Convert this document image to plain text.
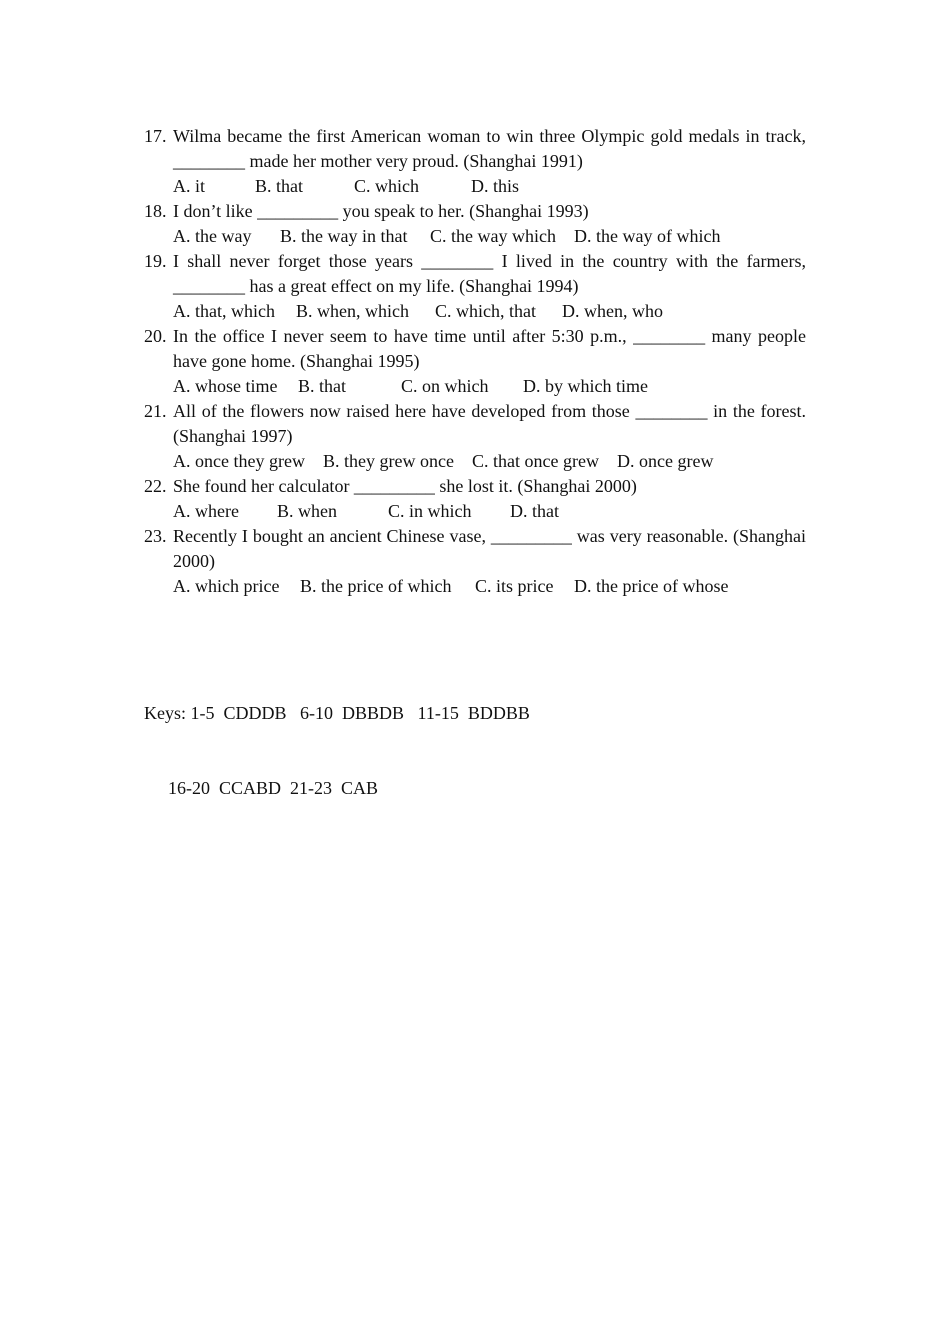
17. Wilma became the first American woman to win three Olympic gold medals in track, ________ made her mother very proud. (Shanghai 1991)
A. it	B. that	C. which	D. this
18. I don’t like _________ you speak to her. (Shanghai 1993)
A. the way B. the way in that C. the way which D. the way of which
19. I shall never forget those years ________ I lived in the country with the farmers, ________ has a great effect on my life. (Shanghai 1994)
A. that, which B. when, which C. which, that D. when, who
20. In the office I never seem to have time until after 5:30 p.m., ________ many people have gone home. (Shanghai 1995)
A. whose time B. that	C. on which D. by which time
21. All of the flowers now raised here have developed from those ________ in the forest. (Shanghai 1997)
A. once they grew B. they grew once C. that once grew D. once grew
22. She found her calculator _________ she lost it. (Shanghai 2000)
A. where B. when	C. in which D. that
23. Recently I bought an ancient Chinese vase, _________ was very reasonable. (Shanghai 2000)
A. which price B. the price of which C. its price D. the price of whose

Keys: 1-5  CDDDB   6-10  DBBDB   11-15  BDDBB

16-20  CCABD  21-23  CAB
